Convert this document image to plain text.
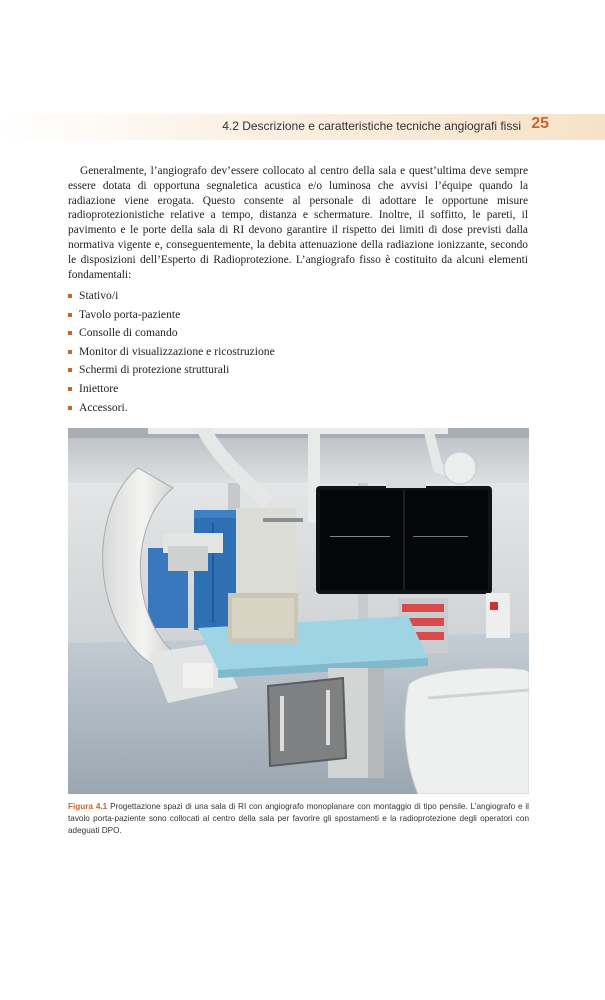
4.2 Descrizione e caratteristiche tecniche angiografi fissi 25

Generalmente, l’angiografo dev’essere collocato al centro della sala e quest’ultima deve sempre essere dotata di opportuna segnaletica acustica e/o luminosa che avvisi l’équipe quando la radiazione viene erogata. Questo consente al personale di adottare le opportune misure radioprotezionistiche relative a tempo, distanza e schermature. Inoltre, il soffitto, le pareti, il pavimento e le porte della sala di RI devono garantire il rispetto dei limiti di dose previsti dalla normativa vigente e, conseguentemente, la debita attenuazione della radiazione ionizzante, secondo le disposizioni dell’Esperto di Radioprotezione. L’angiografo fisso è costituito da alcuni elementi fondamentali:

Stativo/i
Tavolo porta-paziente
Consolle di comando
Monitor di visualizzazione e ricostruzione
Schermi di protezione strutturali
Iniettore
Accessori.

Figura 4.1 Progettazione spazi di una sala di RI con angiografo monoplanare con montaggio di tipo pensile. L’angiografo e il tavolo porta-paziente sono collocati al centro della sala per favorire gli spostamenti e la radioprotezione degli operatori con adeguati DPO.
